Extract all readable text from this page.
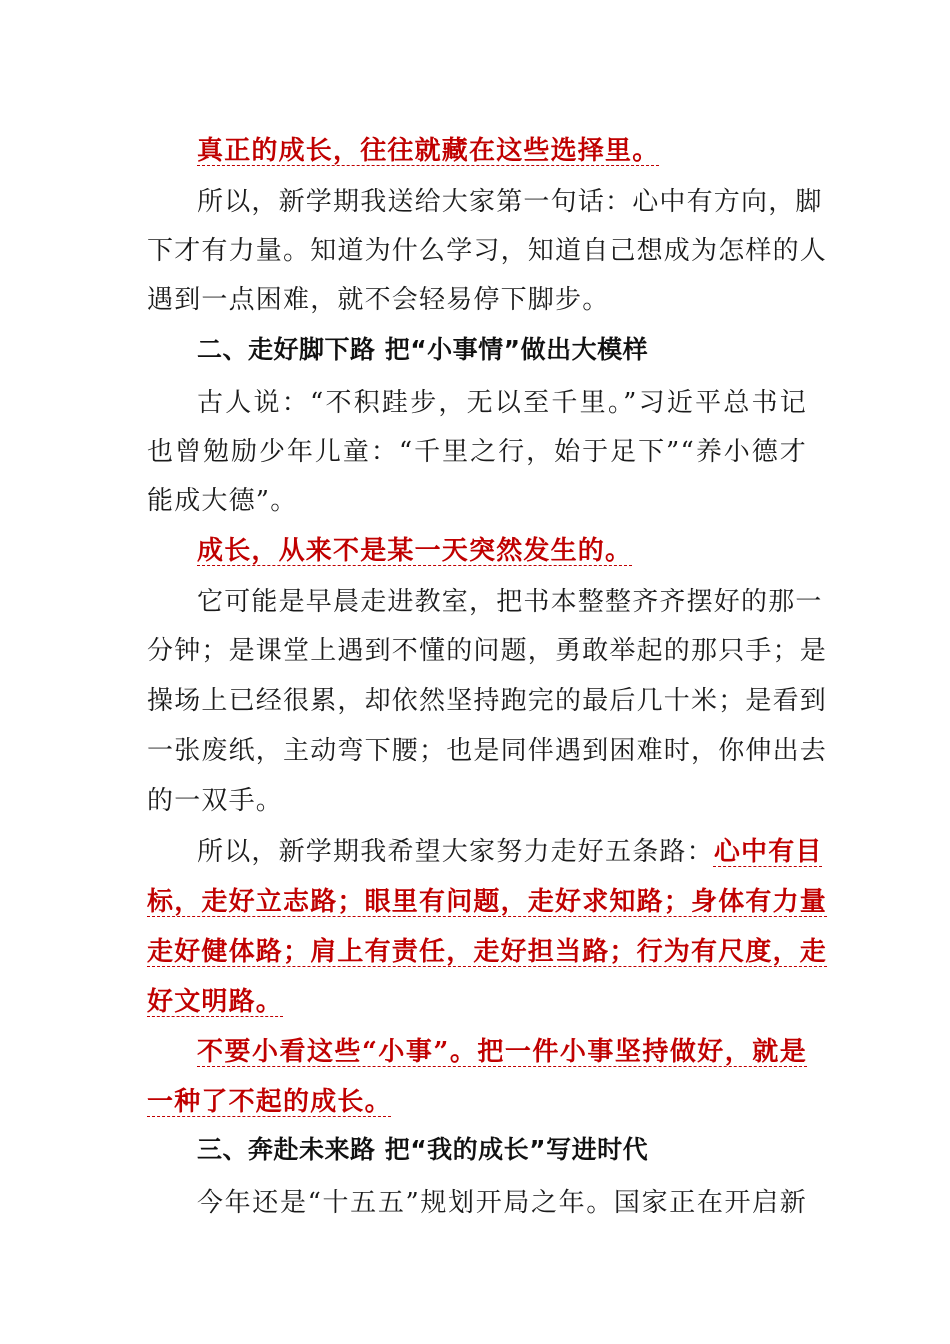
真正的成长，往往就藏在这些选择里。
所以，新学期我送给大家第一句话：心中有方向，脚
下才有力量。知道为什么学习，知道自己想成为怎样的人
遇到一点困难，就不会轻易停下脚步。
二、走好脚下路 把“小事情”做出大模样
古人说：“不积跬步，无以至千里。”习近平总书记
也曾勉励少年儿童：“千里之行，始于足下”“养小德才
能成大德”。
成长，从来不是某一天突然发生的。
它可能是早晨走进教室，把书本整整齐齐摆好的那一
分钟；是课堂上遇到不懂的问题，勇敢举起的那只手；是
操场上已经很累，却依然坚持跑完的最后几十米；是看到
一张废纸，主动弯下腰；也是同伴遇到困难时，你伸出去
的一双手。
所以，新学期我希望大家努力走好五条路：心中有目
标，走好立志路；眼里有问题，走好求知路；身体有力量
走好健体路；肩上有责任，走好担当路；行为有尺度，走
好文明路。
不要小看这些“小事”。把一件小事坚持做好，就是
一种了不起的成长。
三、奔赴未来路 把“我的成长”写进时代
今年还是“十五五”规划开局之年。国家正在开启新
